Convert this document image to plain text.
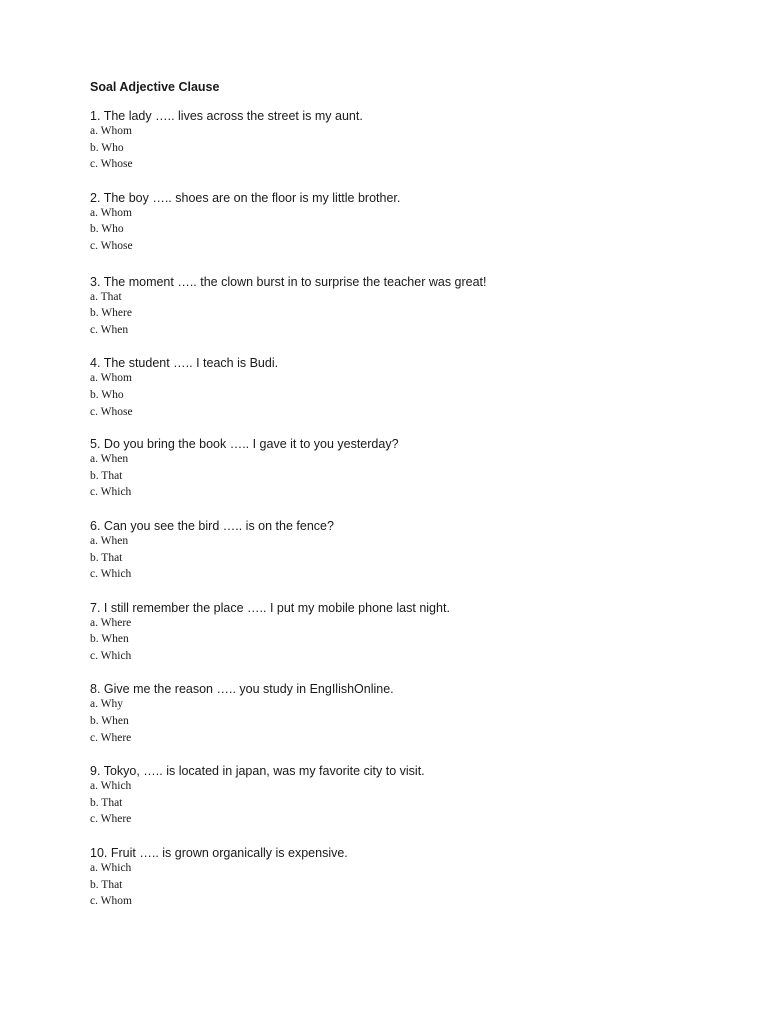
Soal Adjective Clause
1. The lady ….. lives across the street is my aunt.
a. Whom
b. Who
c. Whose
2. The boy ….. shoes are on the floor is my little brother.
a. Whom
b. Who
c. Whose
3. The moment ….. the clown burst in to surprise the teacher was great!
a. That
b. Where
c. When
4. The student ….. I teach is Budi.
a. Whom
b. Who
c. Whose
5. Do you bring the book ….. I gave it to you yesterday?
a. When
b. That
c. Which
6. Can you see the bird ….. is on the fence?
a. When
b. That
c. Which
7. I still remember the place ….. I put my mobile phone last night.
a. Where
b. When
c. Which
8. Give me the reason ….. you study in EngIlishOnline.
a. Why
b. When
c. Where
9. Tokyo, ….. is located in japan, was my favorite city to visit.
a. Which
b. That
c. Where
10. Fruit ….. is grown organically is expensive.
a. Which
b. That
c. Whom
